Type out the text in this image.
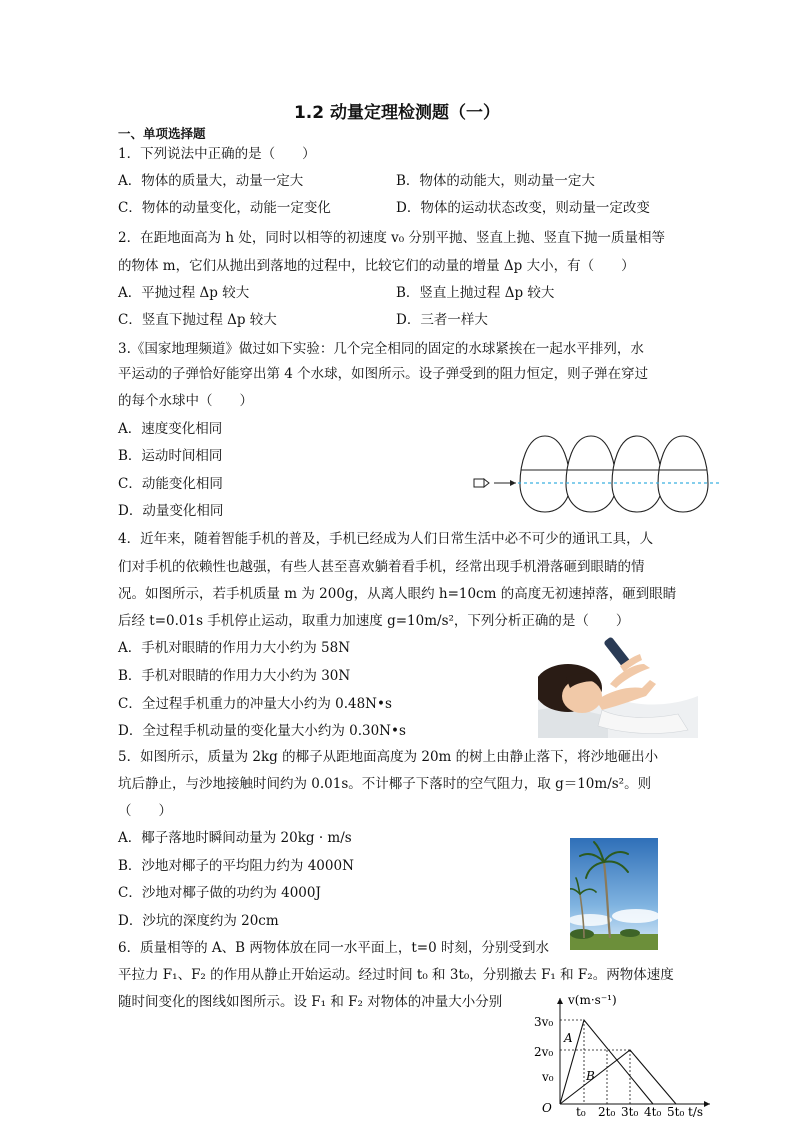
1.2 动量定理检测题（一）
一、单项选择题
1．下列说法中正确的是（　　）
A．物体的质量大，动量一定大	B．物体的动能大，则动量一定大
C．物体的动量变化，动能一定变化	D．物体的运动状态改变，则动量一定改变
2．在距地面高为 h 处，同时以相等的初速度 v₀ 分别平抛、竖直上抛、竖直下抛一质量相等
的物体 m，它们从抛出到落地的过程中，比较它们的动量的增量 Δp 大小，有（　　）
A．平抛过程 Δp 较大	B．竖直上抛过程 Δp 较大
C．竖直下抛过程 Δp 较大	D．三者一样大
3.《国家地理频道》做过如下实验：几个完全相同的固定的水球紧挨在一起水平排列，水
平运动的子弹恰好能穿出第 4 个水球，如图所示。设子弹受到的阻力恒定，则子弹在穿过
的每个水球中（　　）
A．速度变化相同
B．运动时间相同
C．动能变化相同
D．动量变化相同
4．近年来，随着智能手机的普及，手机已经成为人们日常生活中必不可少的通讯工具，人
们对手机的依赖性也越强，有些人甚至喜欢躺着看手机，经常出现手机滑落砸到眼睛的情
况。如图所示，若手机质量 m 为 200g，从离人眼约 h=10cm 的高度无初速掉落，砸到眼睛
后经 t=0.01s 手机停止运动，取重力加速度 g=10m/s²，下列分析正确的是（　　）
A．手机对眼睛的作用力大小约为 58N
B．手机对眼睛的作用力大小约为 30N
C．全过程手机重力的冲量大小约为 0.48N•s
D．全过程手机动量的变化量大小约为 0.30N•s
5．如图所示，质量为 2kg 的椰子从距地面高度为 20m 的树上由静止落下，将沙地砸出小
坑后静止，与沙地接触时间约为 0.01s。不计椰子下落时的空气阻力，取 g＝10m/s²。则
（　　）
A．椰子落地时瞬间动量为 20kg · m/s
B．沙地对椰子的平均阻力约为 4000N
C．沙地对椰子做的功约为 4000J
D．沙坑的深度约为 20cm
6．质量相等的 A、B 两物体放在同一水平面上，t=0 时刻，分别受到水
平拉力 F₁、F₂ 的作用从静止开始运动。经过时间 t₀ 和 3t₀，分别撤去 F₁ 和 F₂。两物体速度
随时间变化的图线如图所示。设 F₁ 和 F₂ 对物体的冲量大小分别	v(m·s⁻¹)
t/s
O
3v₀
2v₀
v₀
t₀ 2t₀ 3t₀ 4t₀ 5t₀
A
B
